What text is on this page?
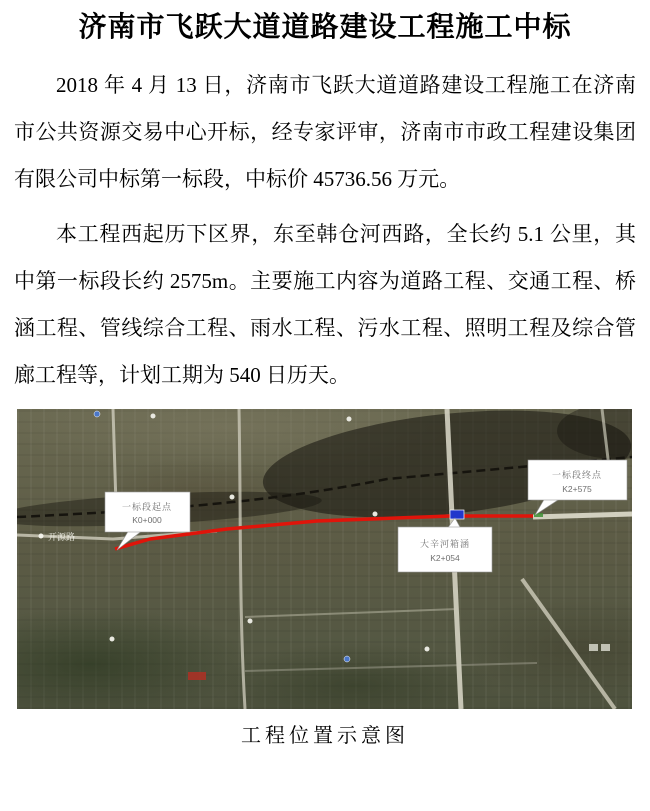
济南市飞跃大道道路建设工程施工中标

2018 年 4 月 13 日，济南市飞跃大道道路建设工程施工在济南市公共资源交易中心开标，经专家评审，济南市市政工程建设集团有限公司中标第一标段，中标价 45736.56 万元。

本工程西起历下区界，东至韩仓河西路，全长约 5.1 公里，其中第一标段长约 2575m。主要施工内容为道路工程、交通工程、桥涵工程、管线综合工程、雨水工程、污水工程、照明工程及综合管廊工程等，计划工期为 540 日历天。

开源路
一标段起点
K0+000
大辛河箱涵
K2+054
一标段终点
K2+575
工程位置示意图
